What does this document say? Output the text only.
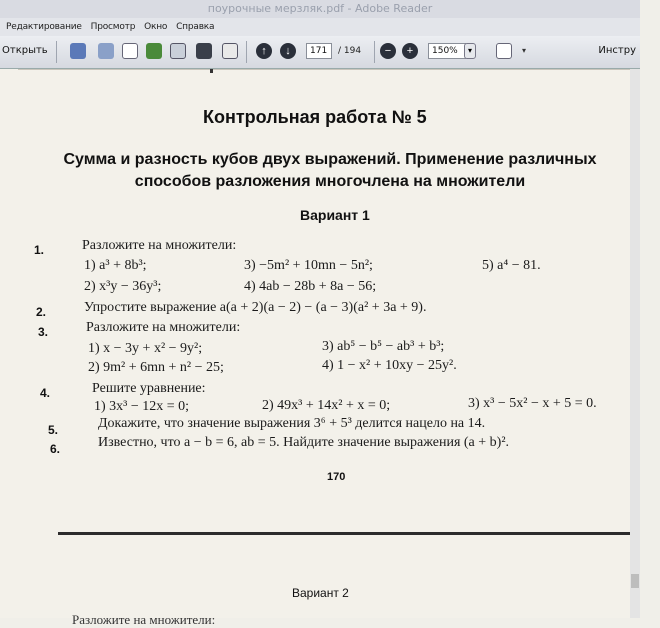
поурочные мерзляк.pdf - Adobe Reader
Редактирование Просмотр Окно Справка
Открыть	↑	↓	171	/ 194	−	+	150%	▾	▾	Инстру
Контрольная работа № 5
Сумма и разность кубов двух выражений. Применение различных
способов разложения многочлена на множители
Вариант 1
1.	Разложите на множители:
1) a³ + 8b³;	3) −5m² + 10mn − 5n²;	5) a⁴ − 81.
2) x³y − 36y³;	4) 4ab − 28b + 8a − 56;
2.	Упростите выражение a(a + 2)(a − 2) − (a − 3)(a² + 3a + 9).
3.	Разложите на множители:
1) x − 3y + x² − 9y²;	3) ab⁵ − b⁵ − ab³ + b³;
2) 9m² + 6mn + n² − 25;	4) 1 − x² + 10xy − 25y².
4.	Решите уравнение:
1) 3x³ − 12x = 0;	2) 49x³ + 14x² + x = 0;	3) x³ − 5x² − x + 5 = 0.
5.	Докажите, что значение выражения 3⁶ + 5³ делится нацело на 14.
6.	Известно, что a − b = 6, ab = 5. Найдите значение выражения (a + b)².
170
Вариант 2
Разложите на множители:
